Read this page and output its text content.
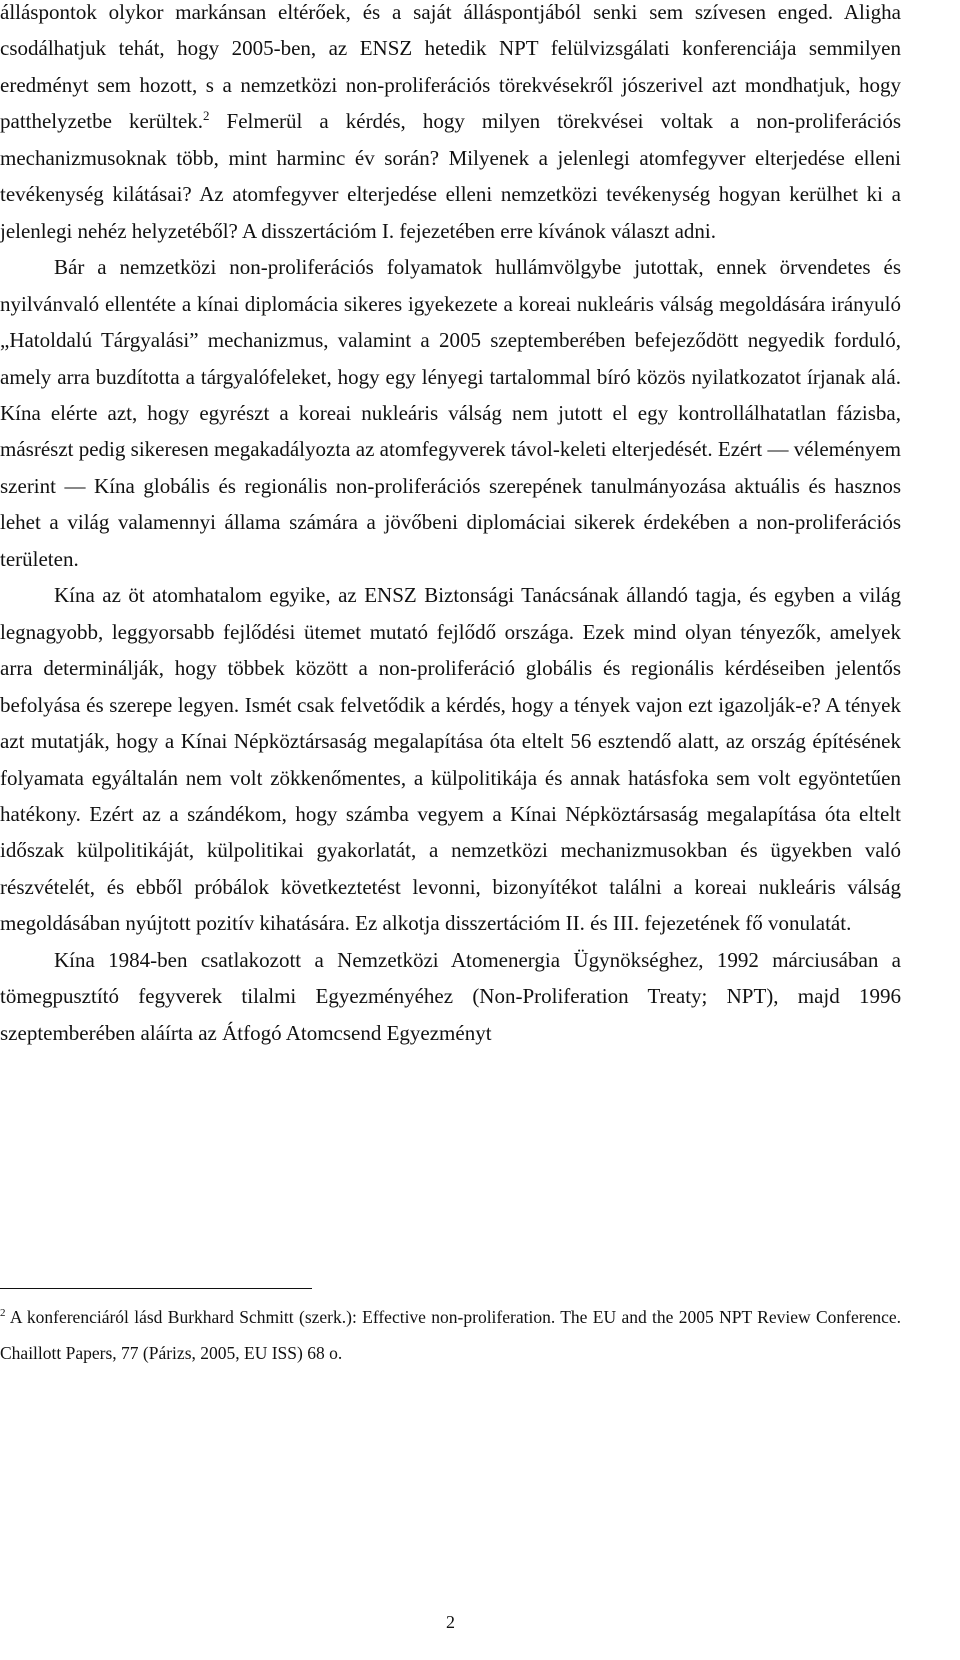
álláspontok olykor markánsan eltérőek, és a saját álláspontjából senki sem szívesen enged. Aligha csodálhatjuk tehát, hogy 2005-ben, az ENSZ hetedik NPT felülvizsgálati konferenciája semmilyen eredményt sem hozott, s a nemzetközi non-proliferációs törekvésekről jószerivel azt mondhatjuk, hogy patthelyzetbe kerültek.$^2$ Felmerül a kérdés, hogy milyen törekvései voltak a non-proliferációs mechanizmusoknak több, mint harminc év során? Milyenek a jelenlegi atomfegyver elterjedése elleni tevékenység kilátásai? Az atomfegyver elterjedése elleni nemzetközi tevékenység hogyan kerülhet ki a jelenlegi nehéz helyzetéből? A disszertációm I. fejezetében erre kívánok választ adni.

Bár a nemzetközi non-proliferációs folyamatok hullámvölgybe jutottak, ennek örvendetes és nyilvánvaló ellentéte a kínai diplomácia sikeres igyekezete a koreai nukleáris válság megoldására irányuló „Hatoldalú Tárgyalási” mechanizmus, valamint a 2005 szeptemberében befejeződött negyedik forduló, amely arra buzdította a tárgyalófeleket, hogy egy lényegi tartalommal bíró közös nyilatkozatot írjanak alá. Kína elérte azt, hogy egyrészt a koreai nukleáris válság nem jutott el egy kontrollálhatatlan fázisba, másrészt pedig sikeresen megakadályozta az atomfegyverek távol-keleti elterjedését. Ezért — véleményem szerint — Kína globális és regionális non-proliferációs szerepének tanulmányozása aktuális és hasznos lehet a világ valamennyi állama számára a jövőbeni diplomáciai sikerek érdekében a non-proliferációs területen.

Kína az öt atomhatalom egyike, az ENSZ Biztonsági Tanácsának állandó tagja, és egyben a világ legnagyobb, leggyorsabb fejlődési ütemet mutató fejlődő országa. Ezek mind olyan tényezők, amelyek arra determinálják, hogy többek között a non-proliferáció globális és regionális kérdéseiben jelentős befolyása és szerepe legyen. Ismét csak felvetődik a kérdés, hogy a tények vajon ezt igazolják-e? A tények azt mutatják, hogy a Kínai Népköztársaság megalapítása óta eltelt 56 esztendő alatt, az ország építésének folyamata egyáltalán nem volt zökkenőmentes, a külpolitikája és annak hatásfoka sem volt egyöntetűen hatékony. Ezért az a szándékom, hogy számba vegyem a Kínai Népköztársaság megalapítása óta eltelt időszak külpolitikáját, külpolitikai gyakorlatát, a nemzetközi mechanizmusokban és ügyekben való részvételét, és ebből próbálok következtetést levonni, bizonyítékot találni a koreai nukleáris válság megoldásában nyújtott pozitív kihatására. Ez alkotja disszertációm II. és III. fejezetének fő vonulatát.

Kína 1984-ben csatlakozott a Nemzetközi Atomenergia Ügynökséghez, 1992 márciusában a tömegpusztító fegyverek tilalmi Egyezményéhez (Non-Proliferation Treaty; NPT), majd 1996 szeptemberében aláírta az Átfogó Atomcsend Egyezményt

$^2$ A konferenciáról lásd Burkhard Schmitt (szerk.): Effective non-proliferation. The EU and the 2005 NPT Review Conference. Chaillott Papers, 77 (Párizs, 2005, EU ISS) 68 o.
2
